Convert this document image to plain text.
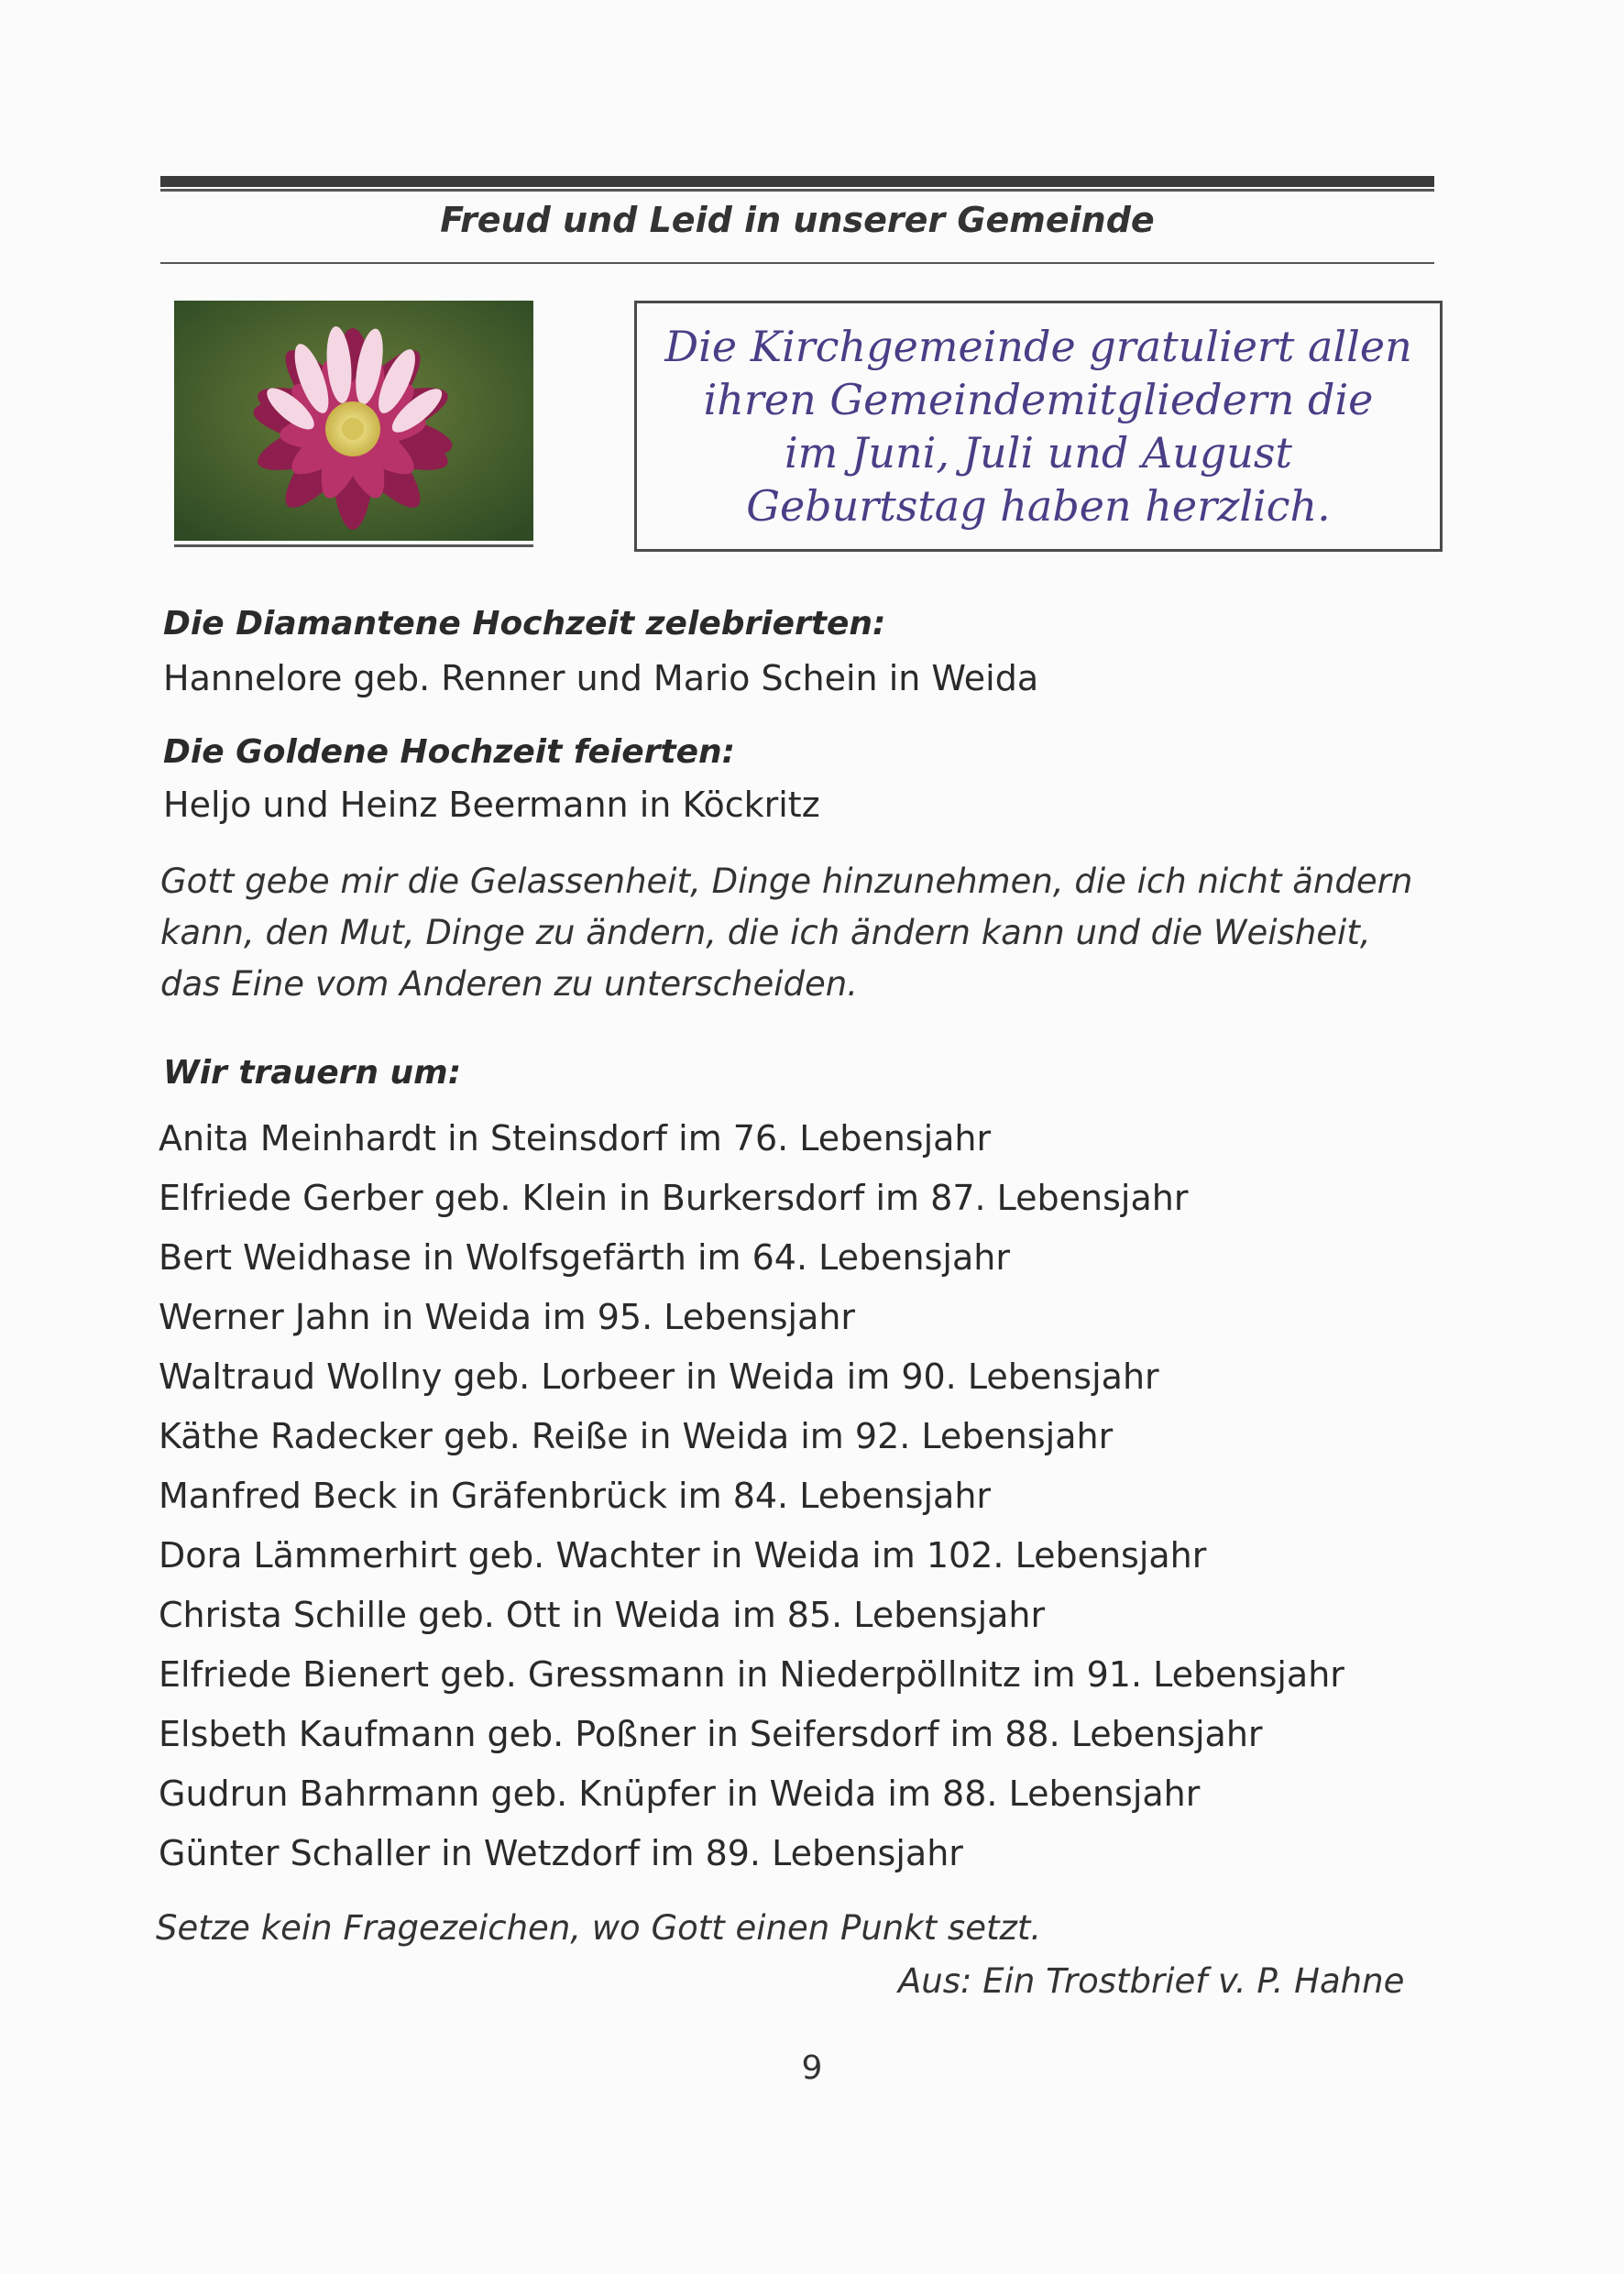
Freud und Leid in unserer Gemeinde
Die Kirchgemeinde gratuliert allen
ihren Gemeindemitgliedern die
im Juni, Juli und August
Geburtstag haben herzlich.
Die Diamantene Hochzeit zelebrierten:
Hannelore geb. Renner und Mario Schein in Weida
Die Goldene Hochzeit feierten:
Heljo und Heinz Beermann in Köckritz
Gott gebe mir die Gelassenheit, Dinge hinzunehmen, die ich nicht ändern
kann, den Mut, Dinge zu ändern, die ich ändern kann und die Weisheit,
das Eine vom Anderen zu unterscheiden.
Wir trauern um:
Anita Meinhardt in Steinsdorf im 76. Lebensjahr
Elfriede Gerber geb. Klein in Burkersdorf im 87. Lebensjahr
Bert Weidhase in Wolfsgefärth im 64. Lebensjahr
Werner Jahn in Weida im 95. Lebensjahr
Waltraud Wollny geb. Lorbeer in Weida im 90. Lebensjahr
Käthe Radecker geb. Reiße in Weida im 92. Lebensjahr
Manfred Beck in Gräfenbrück im 84. Lebensjahr
Dora Lämmerhirt geb. Wachter in Weida im 102. Lebensjahr
Christa Schille geb. Ott in Weida im 85. Lebensjahr
Elfriede Bienert geb. Gressmann in Niederpöllnitz im 91. Lebensjahr
Elsbeth Kaufmann geb. Poßner in Seifersdorf im 88. Lebensjahr
Gudrun Bahrmann geb. Knüpfer in Weida im 88. Lebensjahr
Günter Schaller in Wetzdorf im 89. Lebensjahr
Setze kein Fragezeichen, wo Gott einen Punkt setzt.
Aus: Ein Trostbrief v. P. Hahne
9
